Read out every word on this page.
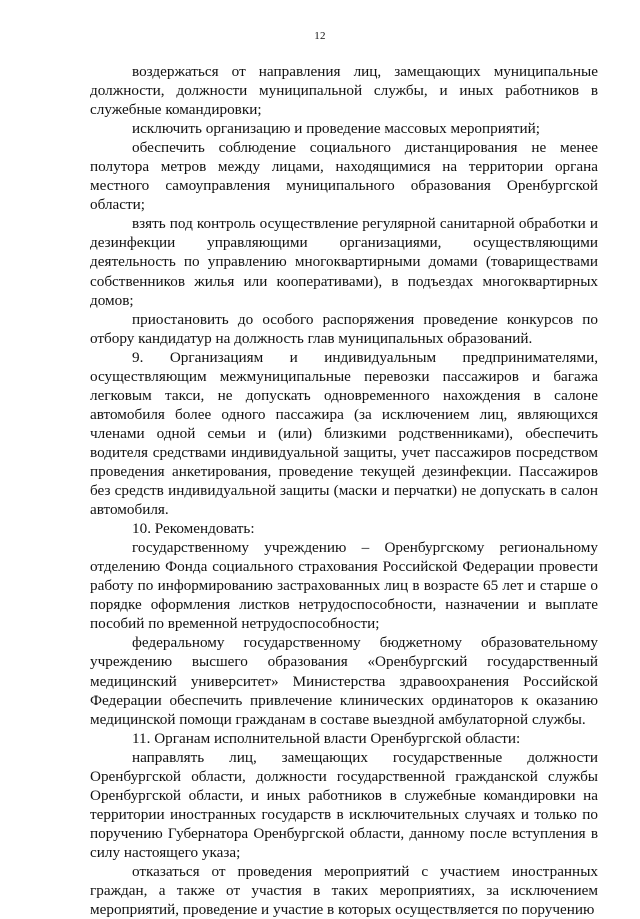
12

воздержаться от направления лиц, замещающих муниципальные должности, должности муниципальной службы, и иных работников в служебные командировки;

исключить организацию и проведение массовых мероприятий;

обеспечить соблюдение социального дистанцирования не менее полутора метров между лицами, находящимися на территории органа местного самоуправления муниципального образования Оренбургской области;

взять под контроль осуществление регулярной санитарной обработки и дезинфекции управляющими организациями, осуществляющими деятельность по управлению многоквартирными домами (товариществами собственников жилья или кооперативами), в подъездах многоквартирных домов;

приостановить до особого распоряжения проведение конкурсов по отбору кандидатур на должность глав муниципальных образований.

9. Организациям и индивидуальным предпринимателями, осуществляющим межмуниципальные перевозки пассажиров и багажа легковым такси, не допускать одновременного нахождения в салоне автомобиля более одного пассажира (за исключением лиц, являющихся членами одной семьи и (или) близкими родственниками), обеспечить водителя средствами индивидуальной защиты, учет пассажиров посредством проведения анкетирования, проведение текущей дезинфекции. Пассажиров без средств индивидуальной защиты (маски и перчатки) не допускать в салон автомобиля.

10. Рекомендовать:

государственному учреждению – Оренбургскому региональному отделению Фонда социального страхования Российской Федерации провести работу по информированию застрахованных лиц в возрасте 65 лет и старше о порядке оформления листков нетрудоспособности, назначении и выплате пособий по временной нетрудоспособности;

федеральному государственному бюджетному образовательному учреждению высшего образования «Оренбургский государственный медицинский университет» Министерства здравоохранения Российской Федерации обеспечить привлечение клинических ординаторов к оказанию медицинской помощи гражданам в составе выездной амбулаторной службы.

11. Органам исполнительной власти Оренбургской области:

направлять лиц, замещающих государственные должности Оренбургской области, должности государственной гражданской службы Оренбургской области, и иных работников в служебные командировки на территории иностранных государств в исключительных случаях и только по поручению Губернатора Оренбургской области, данному после вступления в силу настоящего указа;

отказаться от проведения мероприятий с участием иностранных граждан, а также от участия в таких мероприятиях, за исключением мероприятий, проведение и участие в которых осуществляется по поручению
